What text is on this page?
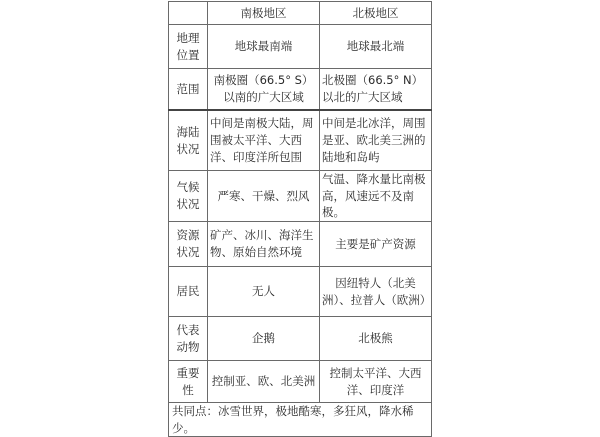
	南极地区	北极地区
地理位置	地球最南端	地球最北端
范围	南极圈（66.5° S）以南的广大区域	北极圈（66.5° N）以北的广大区域
海陆状况	中间是南极大陆，周围被太平洋、大西洋、印度洋所包围	中间是北冰洋，周围是亚、欧北美三洲的陆地和岛屿
气候状况	严寒、干燥、烈风	气温、降水量比南极高，风速远不及南极。
资源状况	矿产、冰川、海洋生物、原始自然环境	主要是矿产资源
居民	无人	因纽特人（北美洲）、拉普人（欧洲）
代表动物	企鹅	北极熊
重要性	控制亚、欧、北美洲	控制太平洋、大西洋、印度洋
共同点：冰雪世界，极地酷寒，多狂风，降水稀少。		
